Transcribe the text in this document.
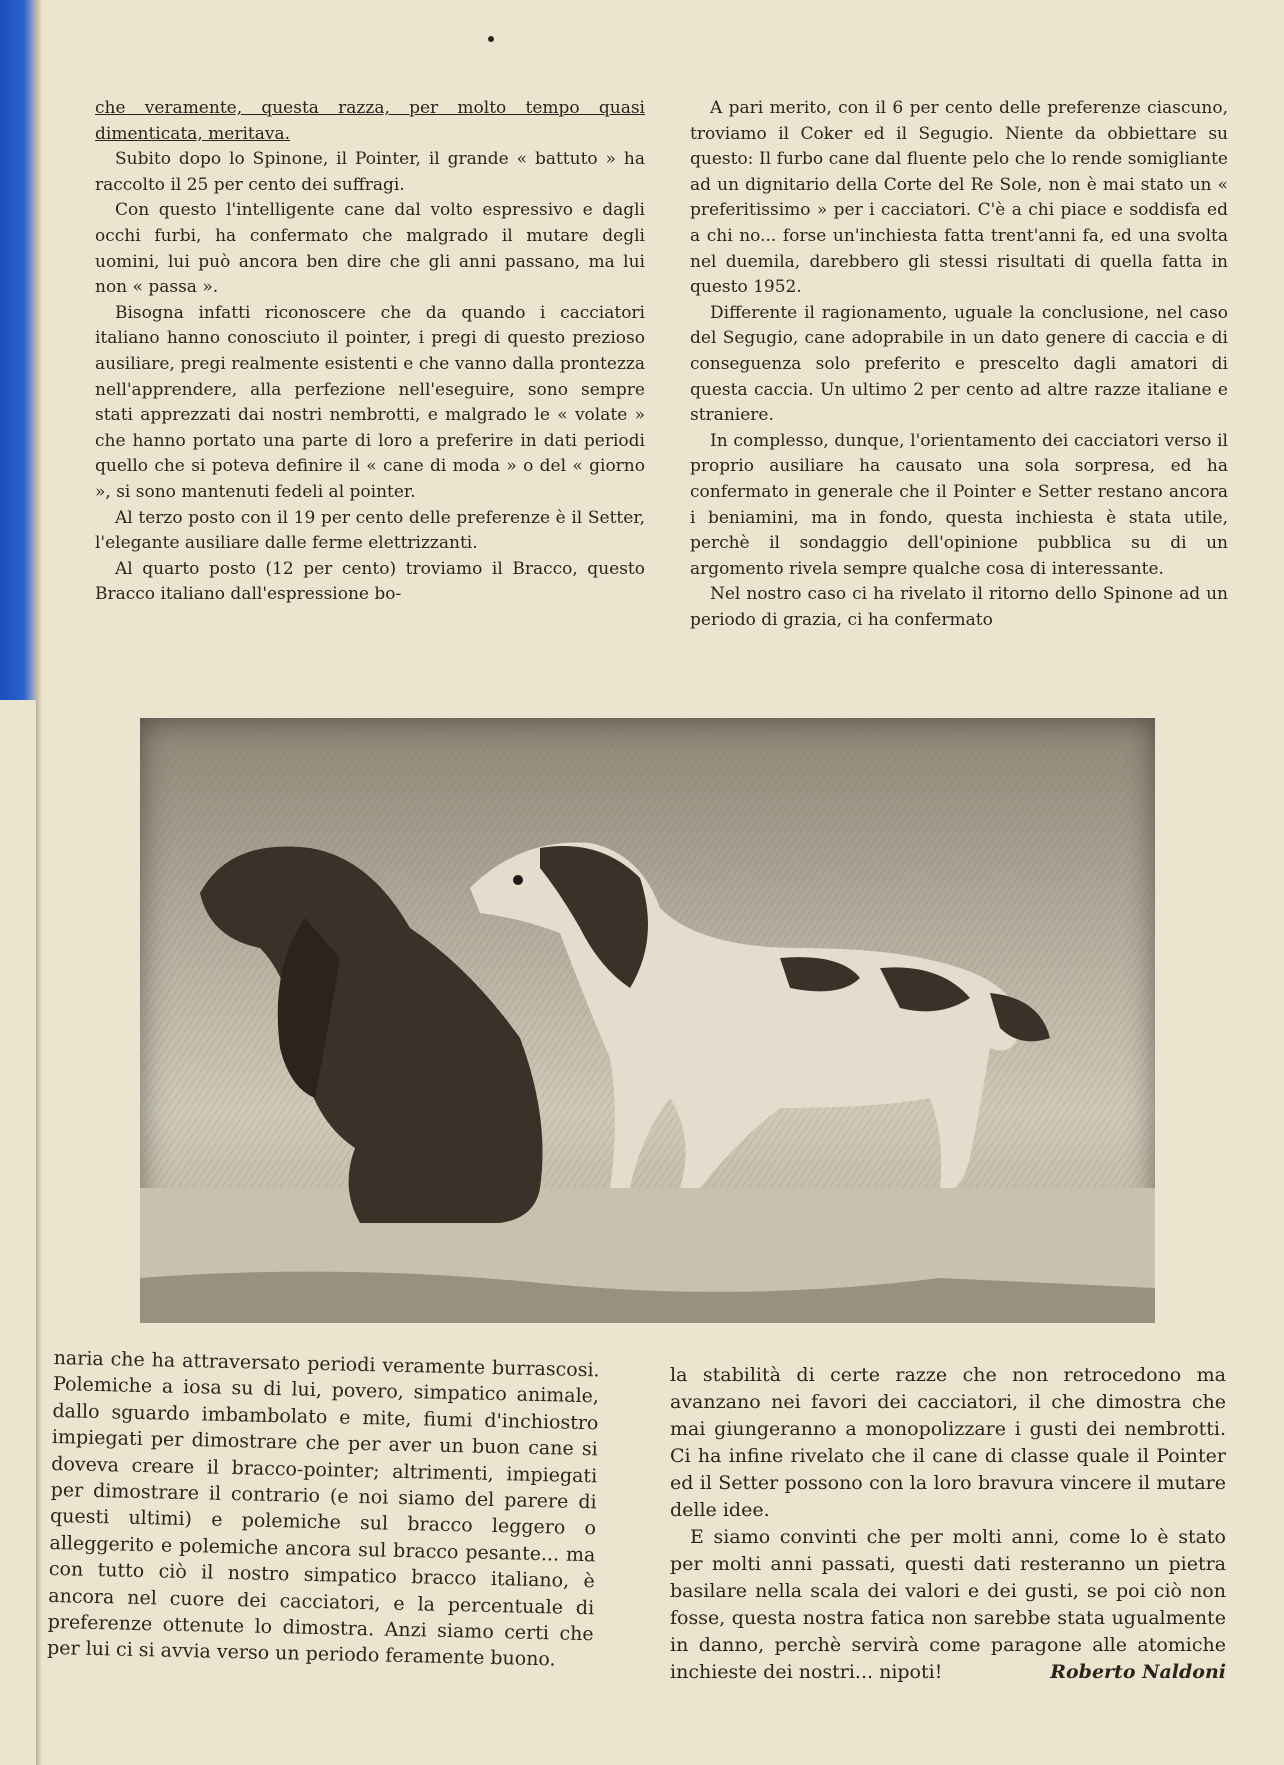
che veramente, questa razza, per molto tempo quasi dimenticata, meritava.

Subito dopo lo Spinone, il Pointer, il grande « battuto » ha raccolto il 25 per cento dei suffragi.

Con questo l'intelligente cane dal volto espressivo e dagli occhi furbi, ha confermato che malgrado il mutare degli uomini, lui può ancora ben dire che gli anni passano, ma lui non « passa ».

Bisogna infatti riconoscere che da quando i cacciatori italiano hanno conosciuto il pointer, i pregi di questo prezioso ausiliare, pregi realmente esistenti e che vanno dalla prontezza nell'apprendere, alla perfezione nell'eseguire, sono sempre stati apprezzati dai nostri nembrotti, e malgrado le « volate » che hanno portato una parte di loro a preferire in dati periodi quello che si poteva definire il « cane di moda » o del « giorno », si sono mantenuti fedeli al pointer.

Al terzo posto con il 19 per cento delle preferenze è il Setter, l'elegante ausiliare dalle ferme elettrizzanti.

Al quarto posto (12 per cento) troviamo il Bracco, questo Bracco italiano dall'espressione bo-

A pari merito, con il 6 per cento delle preferenze ciascuno, troviamo il Coker ed il Segugio. Niente da obbiettare su questo: Il furbo cane dal fluente pelo che lo rende somigliante ad un dignitario della Corte del Re Sole, non è mai stato un « preferitissimo » per i cacciatori. C'è a chi piace e soddisfa ed a chi no... forse un'inchiesta fatta trent'anni fa, ed una svolta nel duemila, darebbero gli stessi risultati di quella fatta in questo 1952.

Differente il ragionamento, uguale la conclusione, nel caso del Segugio, cane adoprabile in un dato genere di caccia e di conseguenza solo preferito e prescelto dagli amatori di questa caccia. Un ultimo 2 per cento ad altre razze italiane e straniere.

In complesso, dunque, l'orientamento dei cacciatori verso il proprio ausiliare ha causato una sola sorpresa, ed ha confermato in generale che il Pointer e Setter restano ancora i beniamini, ma in fondo, questa inchiesta è stata utile, perchè il sondaggio dell'opinione pubblica su di un argomento rivela sempre qualche cosa di interessante.

Nel nostro caso ci ha rivelato il ritorno dello Spinone ad un periodo di grazia, ci ha confermato

naria che ha attraversato periodi veramente burrascosi. Polemiche a iosa su di lui, povero, simpatico animale, dallo sguardo imbambolato e mite, fiumi d'inchiostro impiegati per dimostrare che per aver un buon cane si doveva creare il bracco-pointer; altrimenti, impiegati per dimostrare il contrario (e noi siamo del parere di questi ultimi) e polemiche sul bracco leggero o alleggerito e polemiche ancora sul bracco pesante... ma con tutto ciò il nostro simpatico bracco italiano, è ancora nel cuore dei cacciatori, e la percentuale di preferenze ottenute lo dimostra. Anzi siamo certi che per lui ci si avvia verso un periodo feramente buono.

la stabilità di certe razze che non retrocedono ma avanzano nei favori dei cacciatori, il che dimostra che mai giungeranno a monopolizzare i gusti dei nembrotti. Ci ha infine rivelato che il cane di classe quale il Pointer ed il Setter possono con la loro bravura vincere il mutare delle idee.

E siamo convinti che per molti anni, come lo è stato per molti anni passati, questi dati resteranno un pietra basilare nella scala dei valori e dei gusti, se poi ciò non fosse, questa nostra fatica non sarebbe stata ugualmente in danno, perchè servirà come paragone alle atomiche inchieste dei nostri... nipoti!	Roberto Naldoni
